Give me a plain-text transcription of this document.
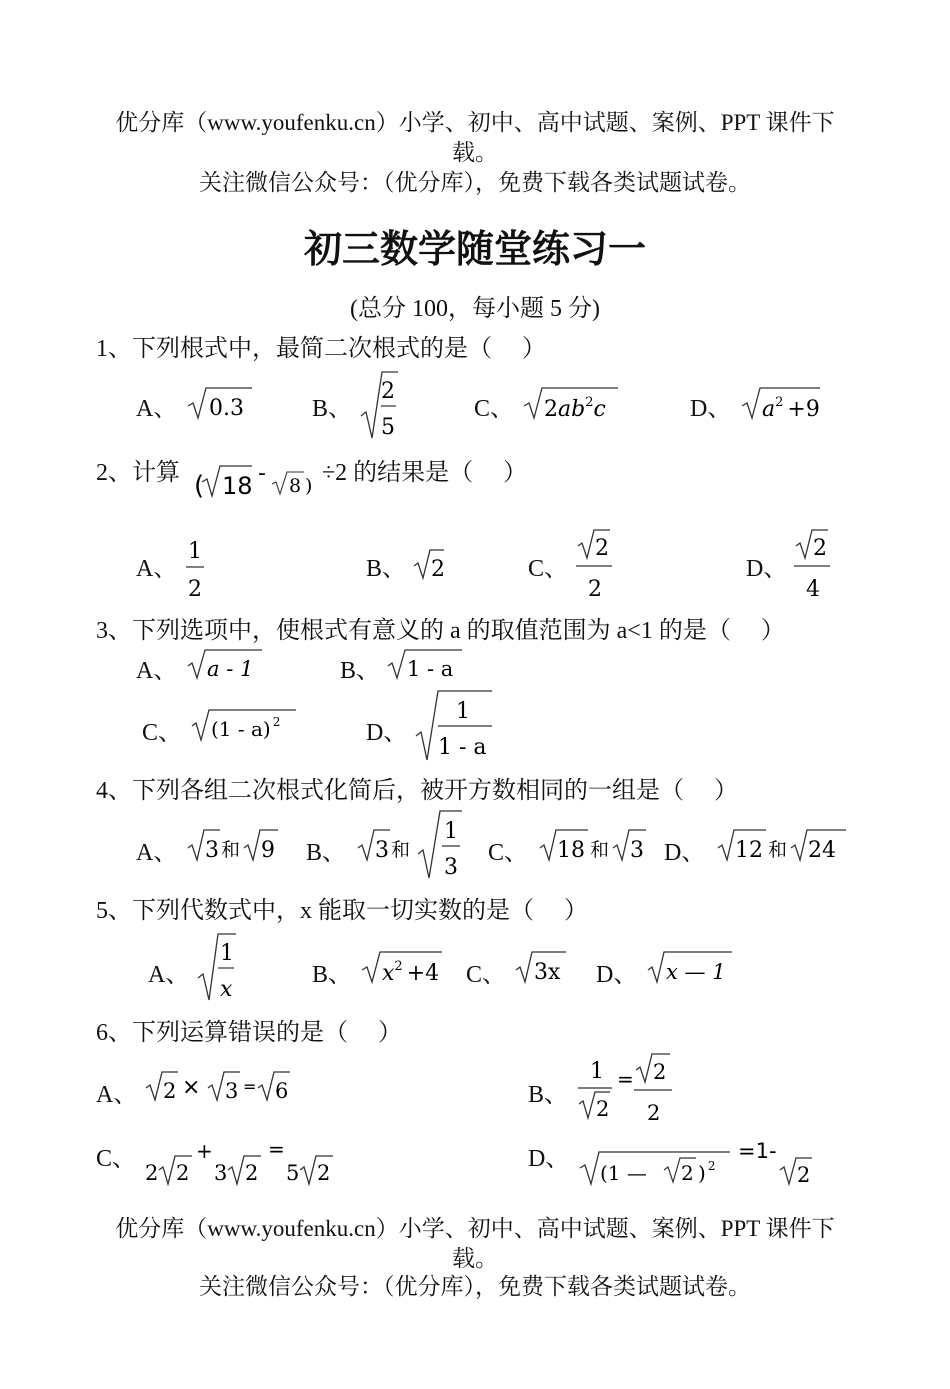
优分库（www.youfenku.cn）小学、初中、高中试题、案例、PPT 课件下
载。
关注微信公众号：（优分库），免费下载各类试题试卷。
初三数学随堂练习一
(总分 100，每小题 5 分)
1、下列根式中，最简二次根式的是（　 ）
A、 0.3	B、
2
5
C、 $2ab^2c$	D、 $a^2 +9$
2、计算 ( 18 - 8 ) ÷2 的结果是（　 ）
A、
1
2
B、 2	C、
2
2
D、
2
4
3、下列选项中，使根式有意义的 a 的取值范围为 a<1 的是（　 ）
A、 a - 1	B、 1 - a
C、 (1 - a) $^2$	D、
1
1 - a
4、下列各组二次根式化简后，被开方数相同的一组是（　 ）
A、 3 和 9 B、 3 和
1
3
C、 18 和 3 D、 12 和 24
5、下列代数式中，x 能取一切实数的是（　 ）
A、
1
x
B、 $x^2 +4$ C、 3x D、 x — 1
6、下列运算错误的是（　 ）
A、 2 × 3 = 6	B、
1
2
= 2
2
C、
2 2
+
3 2
=
5 2
D、
(1 — 2 ) $^2$
=1-
2
优分库（www.youfenku.cn）小学、初中、高中试题、案例、PPT 课件下
载。
关注微信公众号：（优分库），免费下载各类试题试卷。
